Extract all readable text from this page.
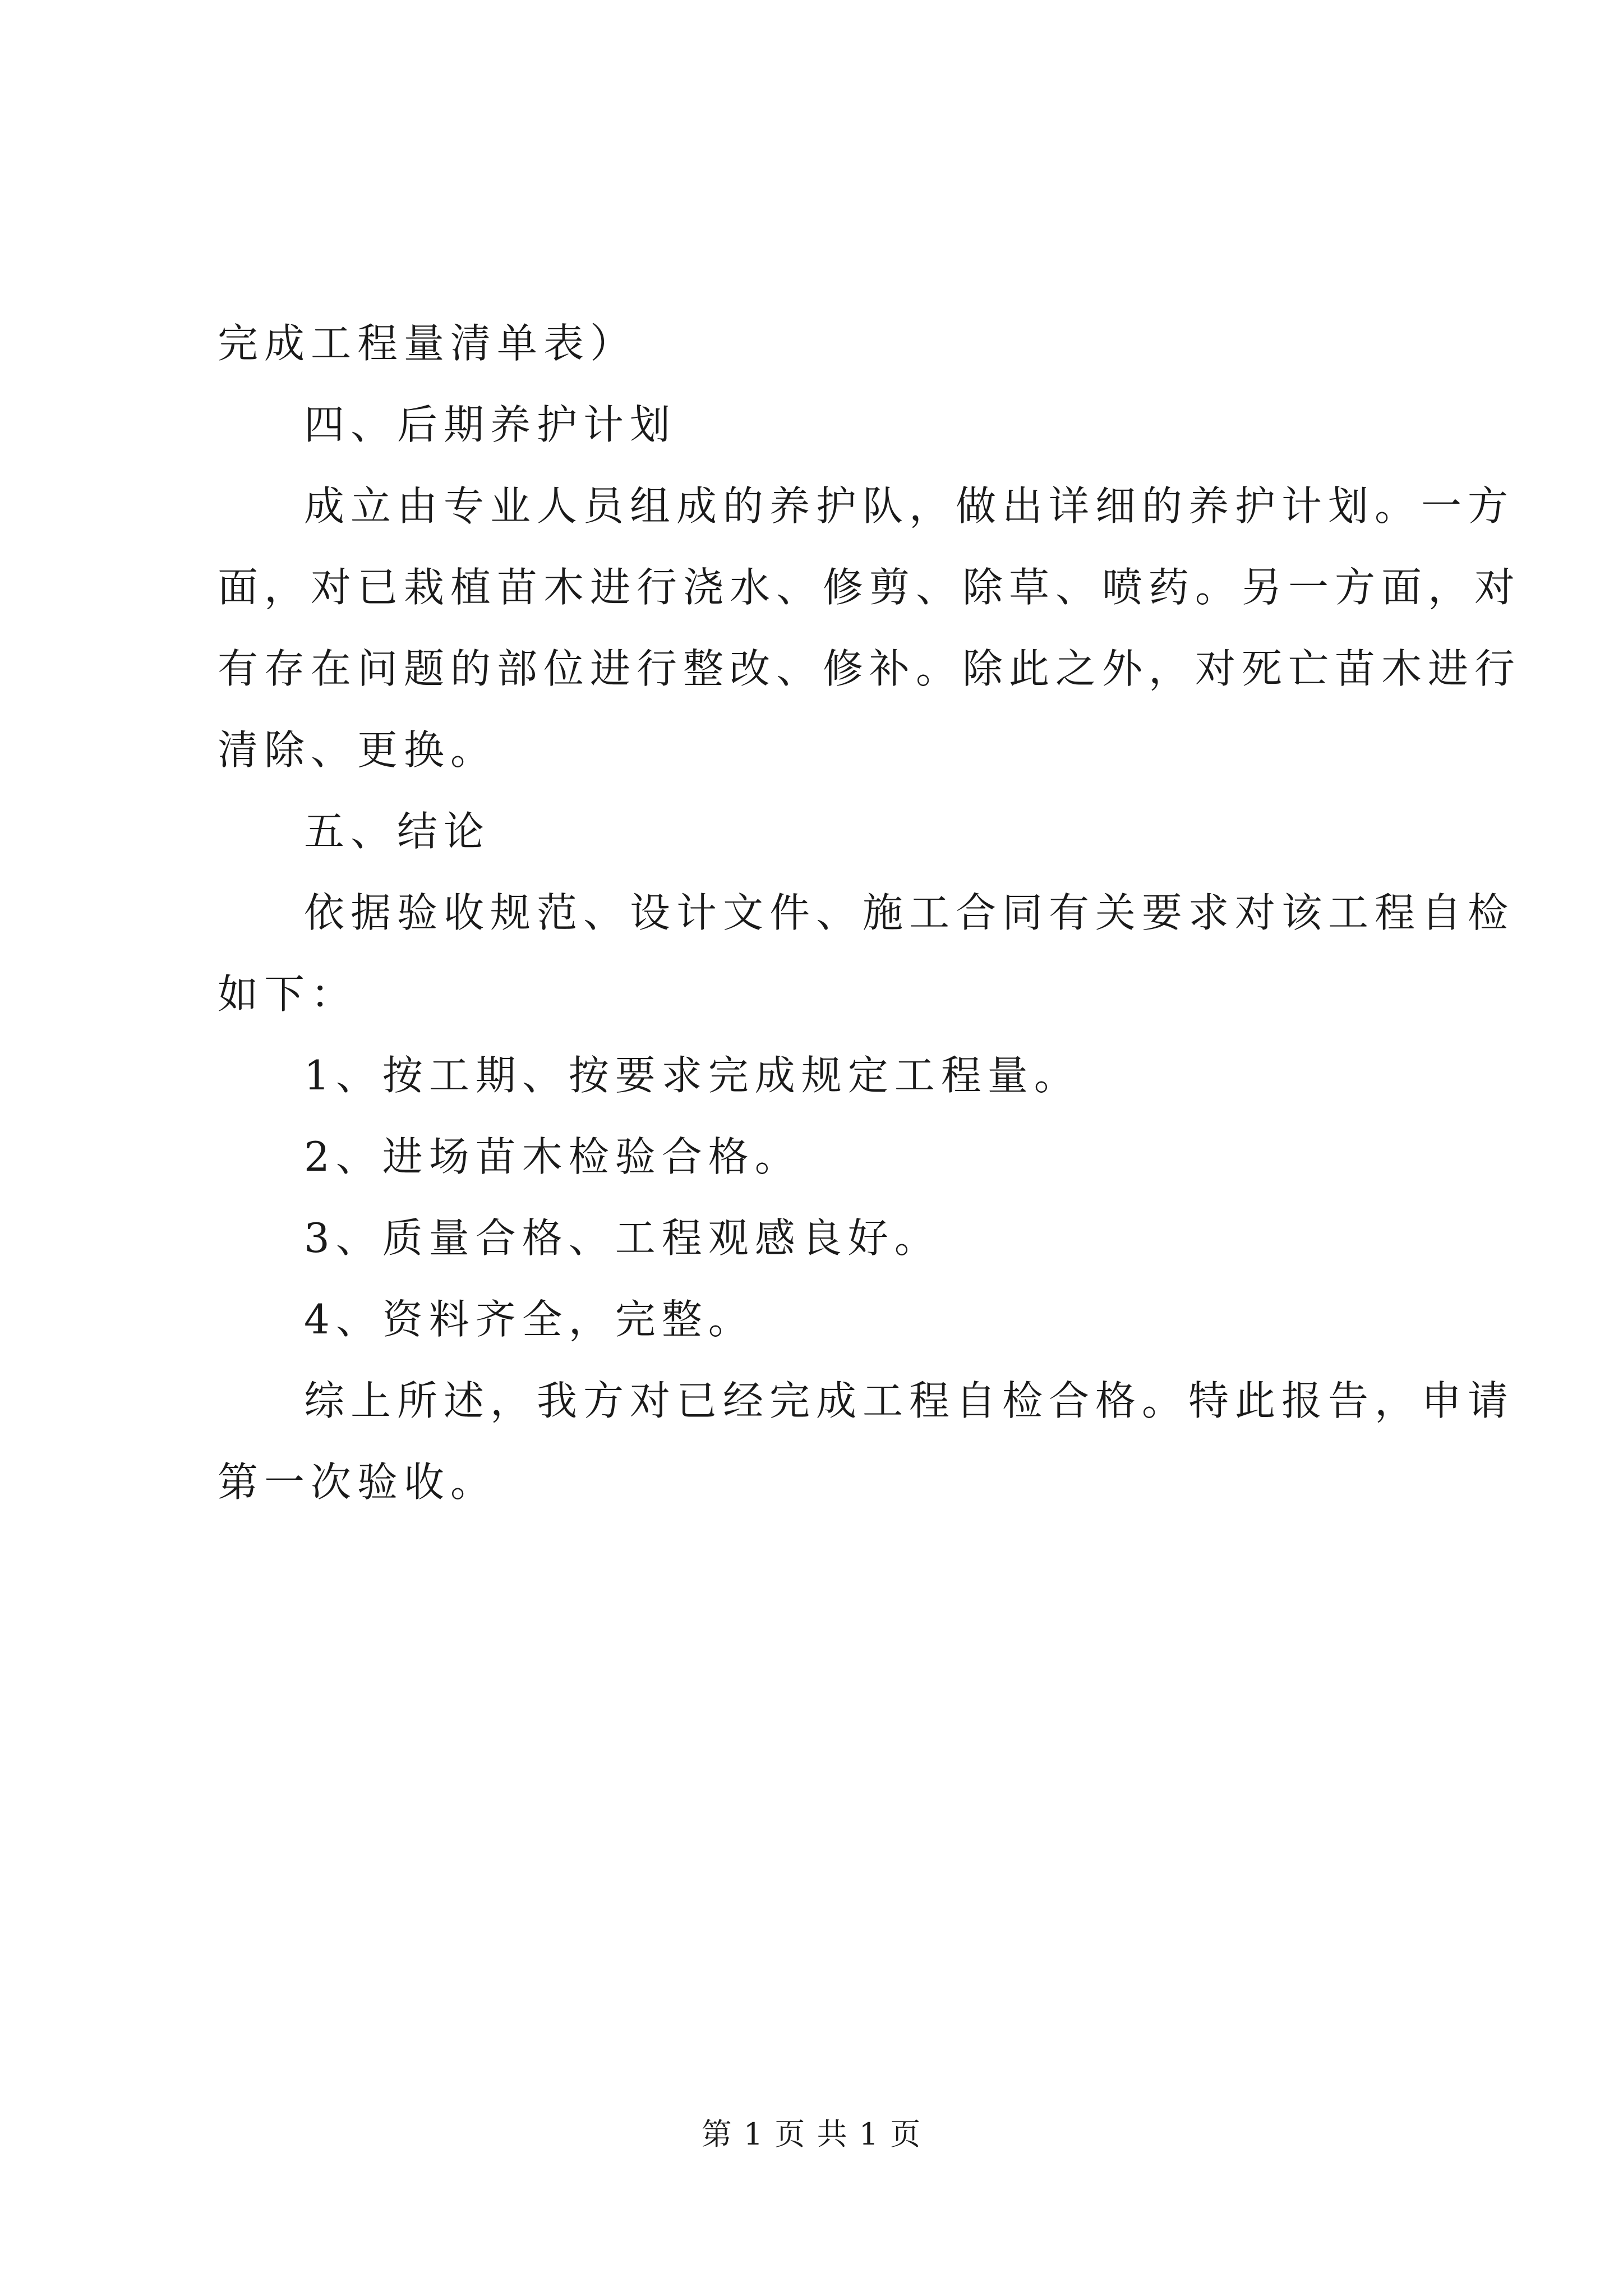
完成工程量清单表）
四、后期养护计划
成立由专业人员组成的养护队，做出详细的养护计划。一方
面，对已栽植苗木进行浇水、修剪、除草、喷药。另一方面，对
有存在问题的部位进行整改、修补。除此之外，对死亡苗木进行
清除、更换。
五、结论
依据验收规范、设计文件、施工合同有关要求对该工程自检
如下：
1、按工期、按要求完成规定工程量。
2、进场苗木检验合格。
3、质量合格、工程观感良好。
4、资料齐全，完整。
综上所述，我方对已经完成工程自检合格。特此报告，申请
第一次验收。
第 1 页 共 1 页
